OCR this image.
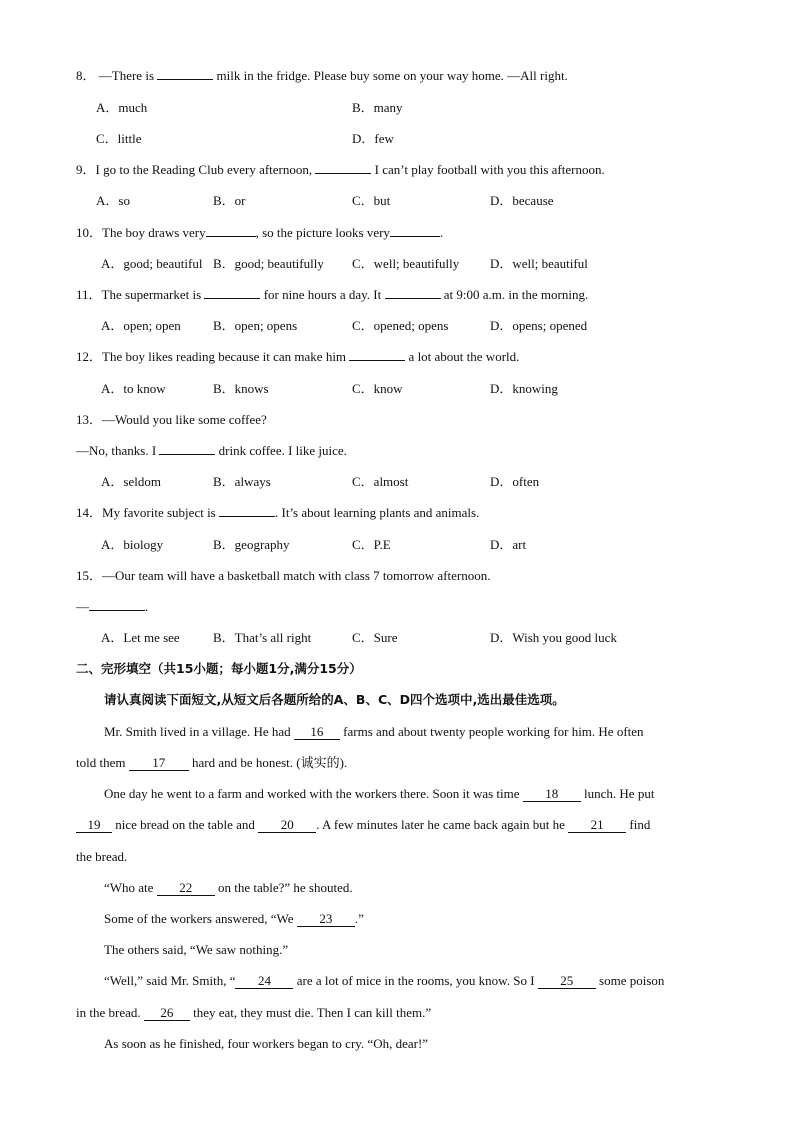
8． —There is	milk in the fridge. Please buy some on your way home. —All right.
A．much	B．many
C．little	D．few
9．I go to the Reading Club every afternoon,	I can’t play football with you this afternoon.
A．so	B．or	C．but	D．because
10．The boy draws very	, so the picture looks very	.
A．good; beautiful B．good; beautifully C．well; beautifully D．well; beautiful
11．The supermarket is	for nine hours a day. It	at 9:00 a.m. in the morning.
A．open; open B．open; opens	C．opened; opens	D．opens; opened
12．The boy likes reading because it can make him	a lot about the world.
A．to know	B．knows	C．know	D．knowing
13．—Would you like some coffee?
—No, thanks. I	drink coffee. I like juice.
A．seldom	B．always	C．almost	D．often
14．My favorite subject is	. It’s about learning plants and animals.
A．biology	B．geography	C．P.E	D．art
15．—Our team will have a basketball match with class 7 tomorrow afternoon.
—	.
A．Let me see	B．That’s all right	C．Sure	D．Wish you good luck
二、完形填空（共15小题；每小题1分,满分15分）
请认真阅读下面短文,从短文后各题所给的A、B、C、D四个选项中,选出最佳选项。
Mr. Smith lived in a village. He had 16 farms and about twenty people working for him. He often
told them 17 hard and be honest. (诚实的).
One day he went to a farm and worked with the workers there. Soon it was time 18 lunch. He put
19 nice bread on the table and 20 . A few minutes later he came back again but he 21 find
the bread.
“Who ate 22 on the table?” he shouted.
Some of the workers answered, “We 23 .”
The others said, “We saw nothing.”
“Well,” said Mr. Smith, “ 24 are a lot of mice in the rooms, you know. So I 25 some poison
in the bread. 26 they eat, they must die. Then I can kill them.”
As soon as he finished, four workers began to cry. “Oh, dear!”
